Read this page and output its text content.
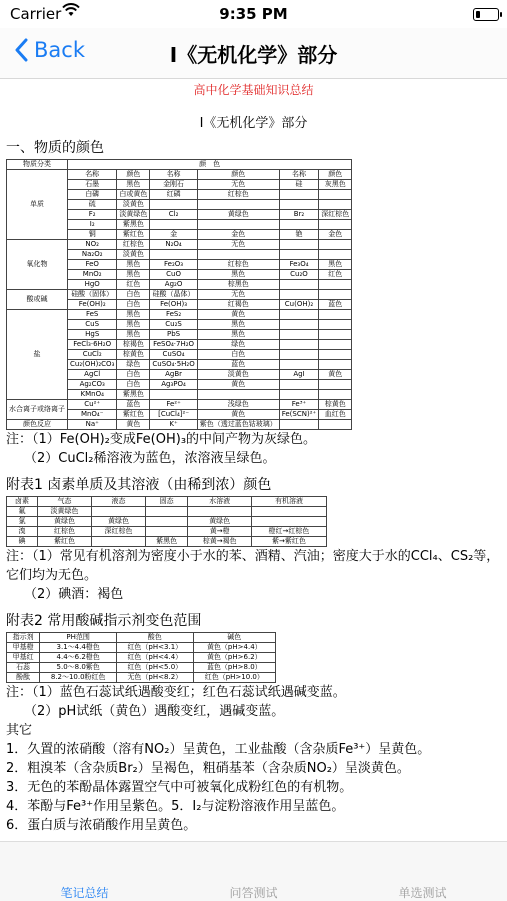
Carrier	9:35 PM
Back	Ⅰ《无机化学》部分
高中化学基础知识总结
Ⅰ《无机化学》部分
一、物质的颜色
物质分类	颜　色					
单质	名称	颜色	名称	颜色	名称	颜色
	石墨	黑色	金刚石	无色	硅	灰黑色
	白磷	白或黄色	红磷	红棕色		
	硫	淡黄色				
	F₂	淡黄绿色	Cl₂	黄绿色	Br₂	深红棕色
	I₂	紫黑色				
	铜	紫红色	金	金色	铯	金色
氧化物	NO₂	红棕色	N₂O₄	无色		
	Na₂O₂	淡黄色				
	FeO	黑色	Fe₂O₃	红棕色	Fe₃O₄	黑色
	MnO₂	黑色	CuO	黑色	Cu₂O	红色
	HgO	红色	Ag₂O	棕黑色		
酸或碱	硅酸（固体）	白色	硅酸（晶体）	无色		
	Fe(OH)₂	白色	Fe(OH)₃	红褐色	Cu(OH)₂	蓝色
盐	FeS	黑色	FeS₂	黄色		
	CuS	黑色	Cu₂S	黑色		
	HgS	黑色	PbS	黑色		
	FeCl₃·6H₂O	棕褐色	FeSO₄·7H₂O	绿色		
	CuCl₂	棕黄色	CuSO₄	白色		
	Cu₂(OH)₂CO₃	绿色	CuSO₄·5H₂O	蓝色		
	AgCl	白色	AgBr	淡黄色	AgI	黄色
	Ag₂CO₃	白色	Ag₃PO₄	黄色		
	KMnO₄	紫黑色				
水合离子或络离子	Cu²⁺	蓝色	Fe²⁺	浅绿色	Fe³⁺	棕黄色
	MnO₄⁻	紫红色	[CuCl₄]²⁻	黄色	Fe(SCN)²⁺	血红色
颜色反应	Na⁺	黄色	K⁺	紫色（透过蓝色钴玻璃）		
注：（1）Fe(OH)₂变成Fe(OH)₃的中间产物为灰绿色。
（2）CuCl₂稀溶液为蓝色，浓溶液呈绿色。
附表1 卤素单质及其溶液（由稀到浓）颜色
卤素	气态	液态	固态	水溶液	有机溶液
氟	淡黄绿色				
氯	黄绿色	黄绿色		黄绿色	
溴	红棕色	深红棕色		黄→橙	橙红→红棕色
碘	紫红色		紫黑色	棕黄→褐色	紫→紫红色
注：（1）常见有机溶剂为密度小于水的苯、酒精、汽油；密度大于水的CCl₄、CS₂等，它们均为无色。
（2）碘酒：褐色
附表2 常用酸碱指示剂变色范围
指示剂	PH范围	酸色	碱色
甲基橙	3.1～4.4橙色	红色（pH<3.1）	黄色（pH>4.4）
甲基红	4.4～6.2橙色	红色（pH<4.4）	黄色（pH>6.2）
石蕊	5.0～8.0紫色	红色（pH<5.0）	蓝色（pH>8.0）
酚酞	8.2～10.0粉红色	无色（pH<8.2）	红色（pH>10.0）
注：（1）蓝色石蕊试纸遇酸变红；红色石蕊试纸遇碱变蓝。
（2）pH试纸（黄色）遇酸变红，遇碱变蓝。
其它
1．久置的浓硝酸（溶有NO₂）呈黄色，工业盐酸（含杂质Fe³⁺）呈黄色。
2．粗溴苯（含杂质Br₂）呈褐色，粗硝基苯（含杂质NO₂）呈淡黄色。
3．无色的苯酚晶体露置空气中可被氧化成粉红色的有机物。
4．苯酚与Fe³⁺作用呈紫色。5．I₂与淀粉溶液作用呈蓝色。
6．蛋白质与浓硝酸作用呈黄色。
笔记总结	问答测试	单选测试
